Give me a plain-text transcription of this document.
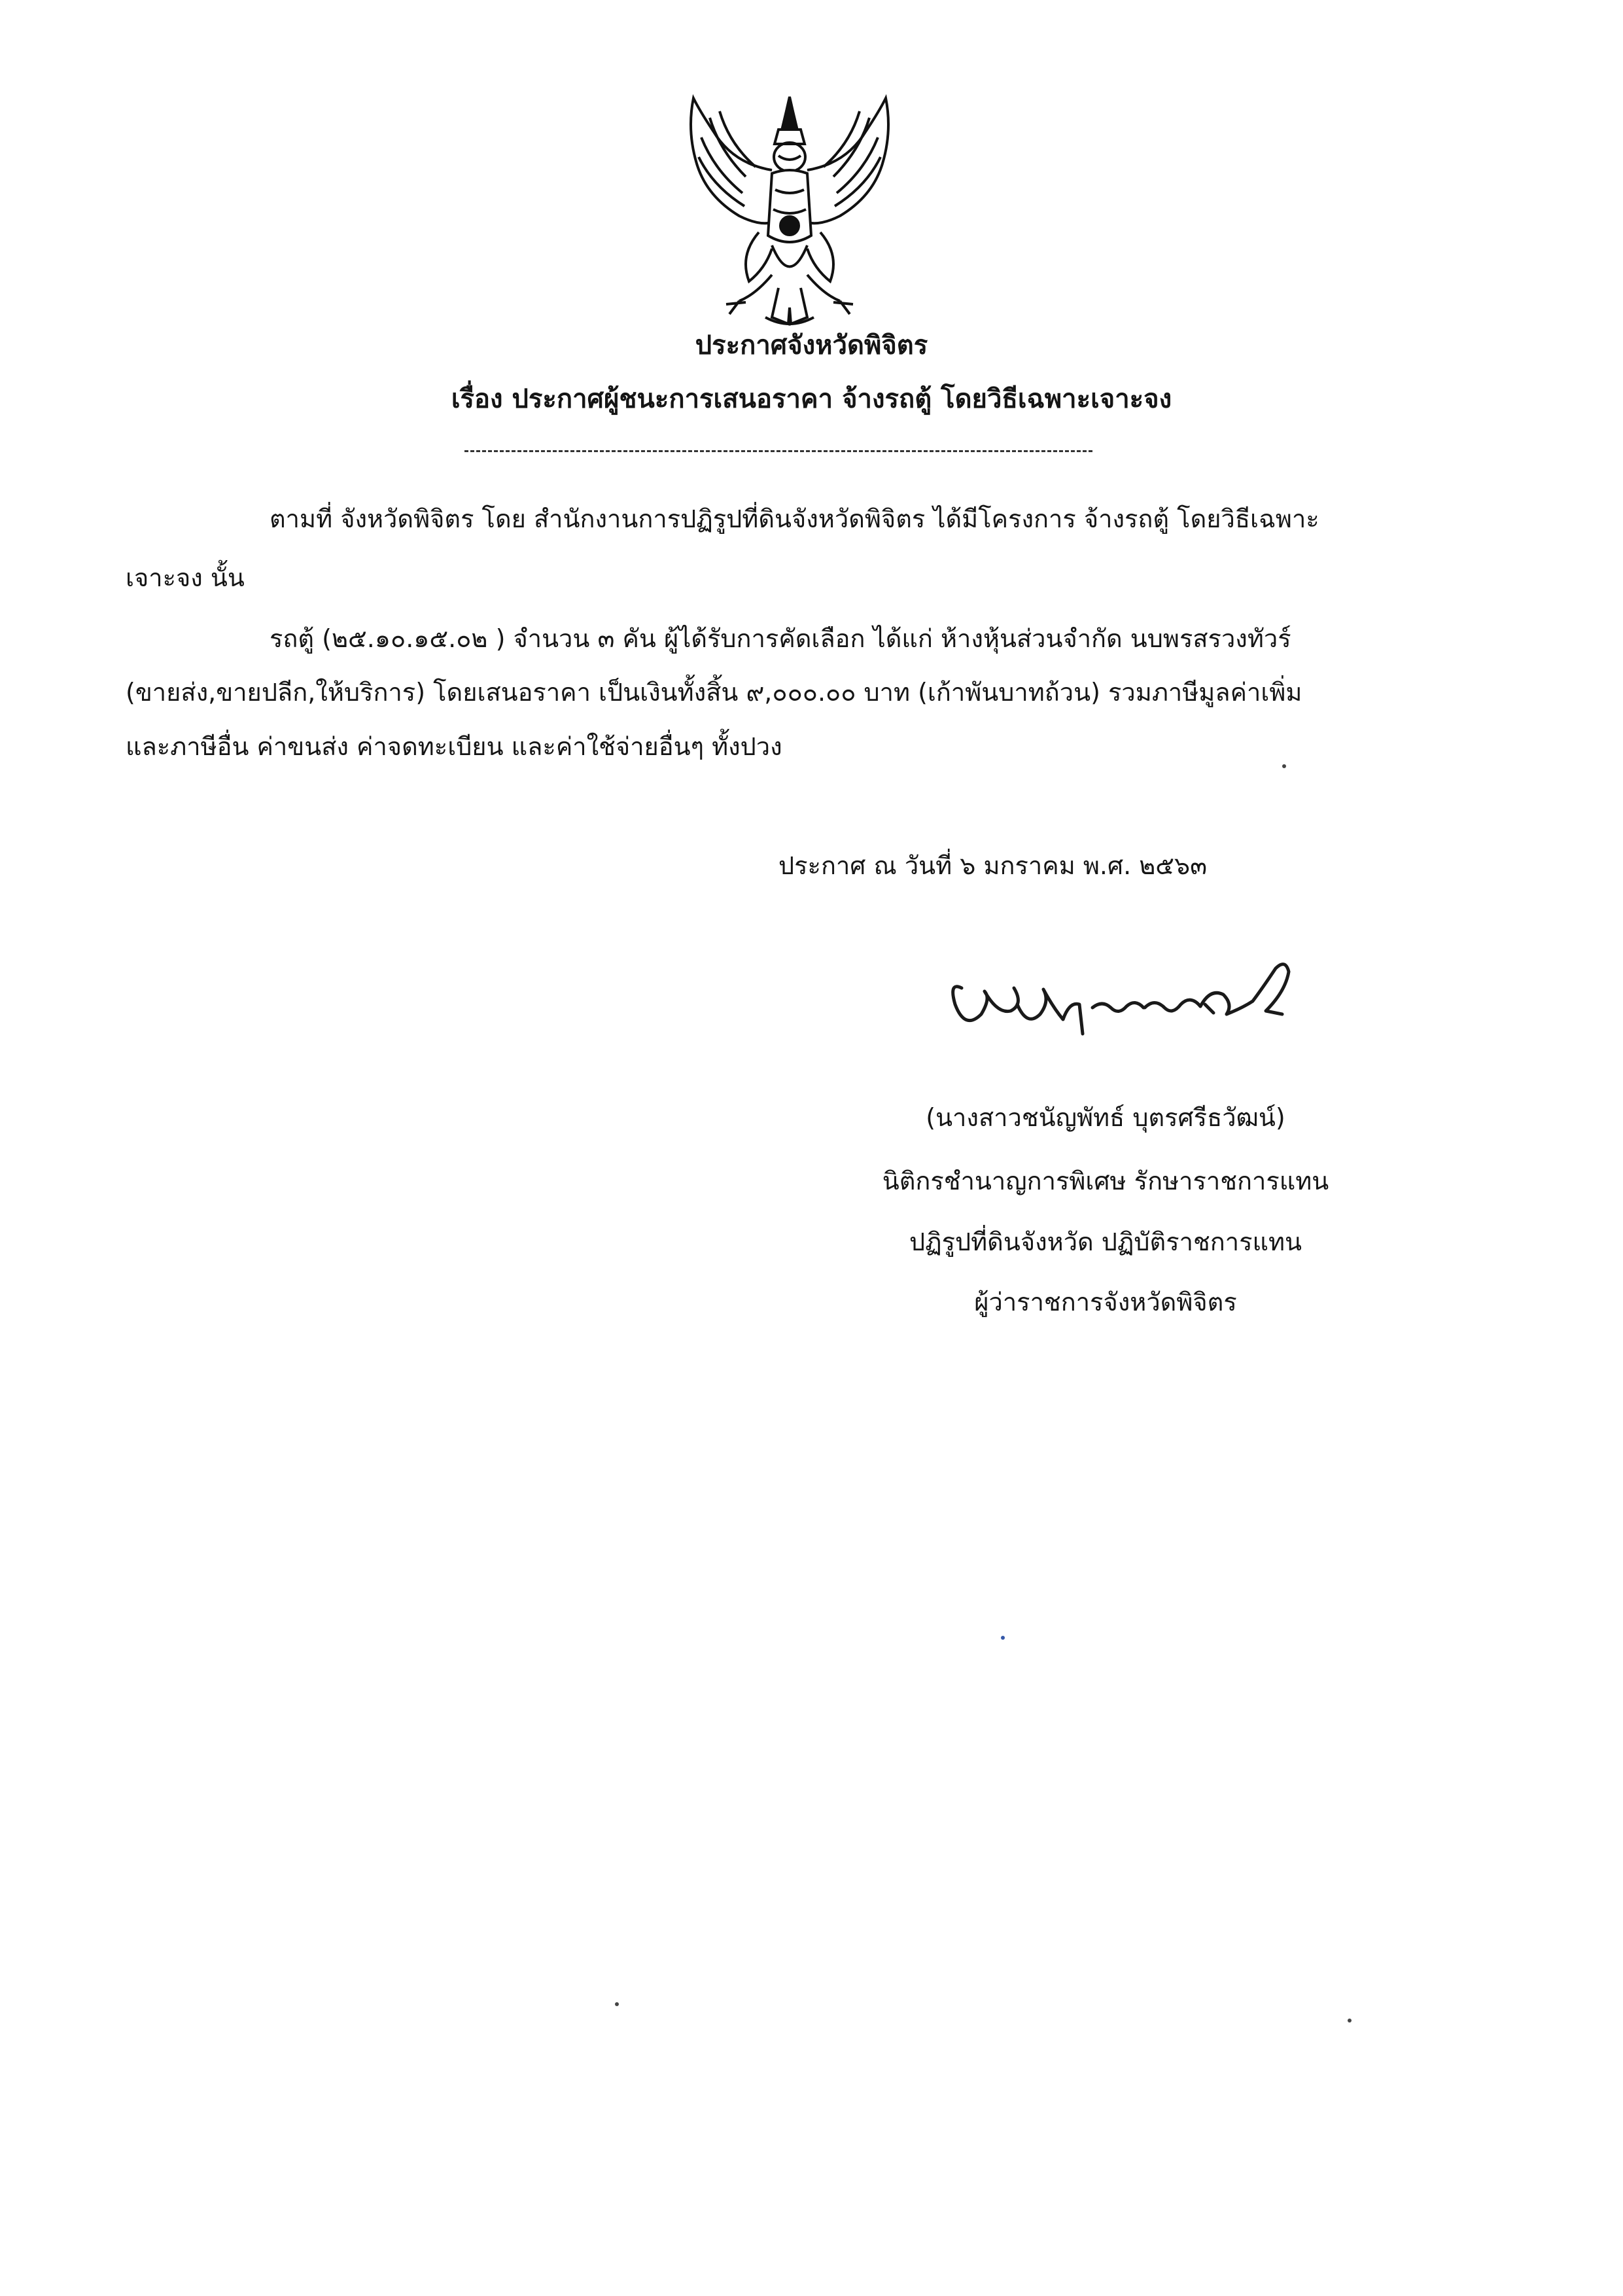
ประกาศจังหวัดพิจิตร
เรื่อง ประกาศผู้ชนะการเสนอราคา จ้างรถตู้ โดยวิธีเฉพาะเจาะจง
ตามที่ จังหวัดพิจิตร โดย สำนักงานการปฏิรูปที่ดินจังหวัดพิจิตร ได้มีโครงการ จ้างรถตู้ โดยวิธีเฉพาะ
เจาะจง นั้น
รถตู้ (๒๕.๑๐.๑๕.๐๒ ) จำนวน ๓ คัน ผู้ได้รับการคัดเลือก ได้แก่ ห้างหุ้นส่วนจำกัด นบพรสรวงทัวร์
(ขายส่ง,ขายปลีก,ให้บริการ) โดยเสนอราคา เป็นเงินทั้งสิ้น ๙,๐๐๐.๐๐ บาท (เก้าพันบาทถ้วน) รวมภาษีมูลค่าเพิ่ม
และภาษีอื่น ค่าขนส่ง ค่าจดทะเบียน และค่าใช้จ่ายอื่นๆ ทั้งปวง
ประกาศ ณ วันที่ ๖ มกราคม พ.ศ. ๒๕๖๓
(นางสาวชนัญพัทธ์ บุตรศรีธวัฒน์)
นิติกรชำนาญการพิเศษ รักษาราชการแทน
ปฏิรูปที่ดินจังหวัด ปฏิบัติราชการแทน
ผู้ว่าราชการจังหวัดพิจิตร
